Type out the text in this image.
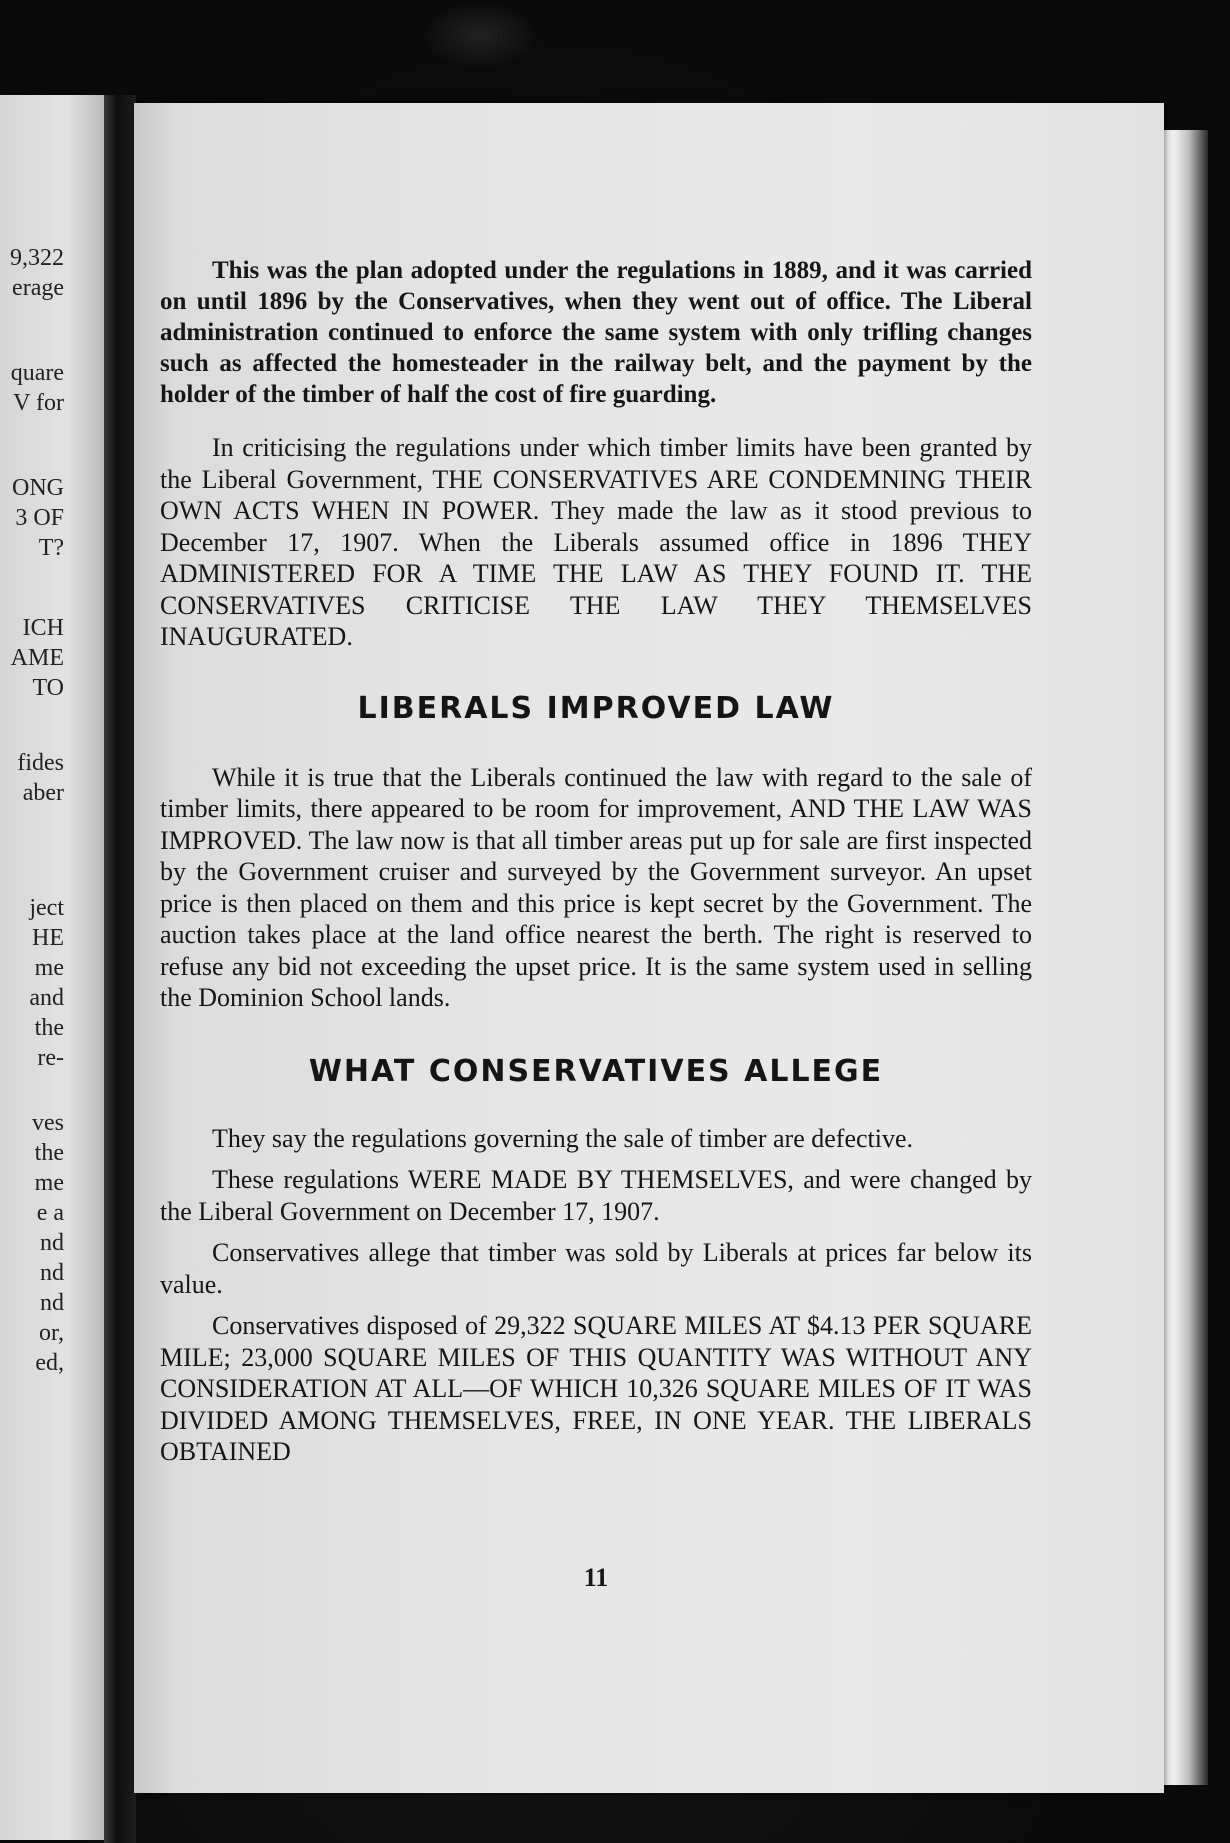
9,322
erage
quare
V for
ONG
3 OF
T?
ICH
AME
TO
fides
aber
ject
HE
me
and
the
re-
ves
the
me
e a
nd
nd
nd
or,
ed,

This was the plan adopted under the regulations in 1889, and it was carried on until 1896 by the Conservatives, when they went out of office. The Liberal administration continued to enforce the same system with only trifling changes such as affected the homesteader in the railway belt, and the payment by the holder of the timber of half the cost of fire guarding.

In criticising the regulations under which timber limits have been granted by the Liberal Government, THE CONSERVATIVES ARE CONDEMNING THEIR OWN ACTS WHEN IN POWER. They made the law as it stood previous to December 17, 1907. When the Liberals assumed office in 1896 THEY ADMINISTERED FOR A TIME THE LAW AS THEY FOUND IT. THE CONSERVATIVES CRITICISE THE LAW THEY THEMSELVES INAUGURATED.

LIBERALS IMPROVED LAW

While it is true that the Liberals continued the law with regard to the sale of timber limits, there appeared to be room for improvement, AND THE LAW WAS IMPROVED. The law now is that all timber areas put up for sale are first inspected by the Government cruiser and surveyed by the Government surveyor. An upset price is then placed on them and this price is kept secret by the Government. The auction takes place at the land office nearest the berth. The right is reserved to refuse any bid not exceeding the upset price. It is the same system used in selling the Dominion School lands.

WHAT CONSERVATIVES ALLEGE

They say the regulations governing the sale of timber are defective.

These regulations WERE MADE BY THEMSELVES, and were changed by the Liberal Government on December 17, 1907.

Conservatives allege that timber was sold by Liberals at prices far below its value.

Conservatives disposed of 29,322 SQUARE MILES AT $4.13 PER SQUARE MILE; 23,000 SQUARE MILES OF THIS QUANTITY WAS WITHOUT ANY CONSIDERATION AT ALL—OF WHICH 10,326 SQUARE MILES OF IT WAS DIVIDED AMONG THEMSELVES, FREE, IN ONE YEAR. THE LIBERALS OBTAINED

11
